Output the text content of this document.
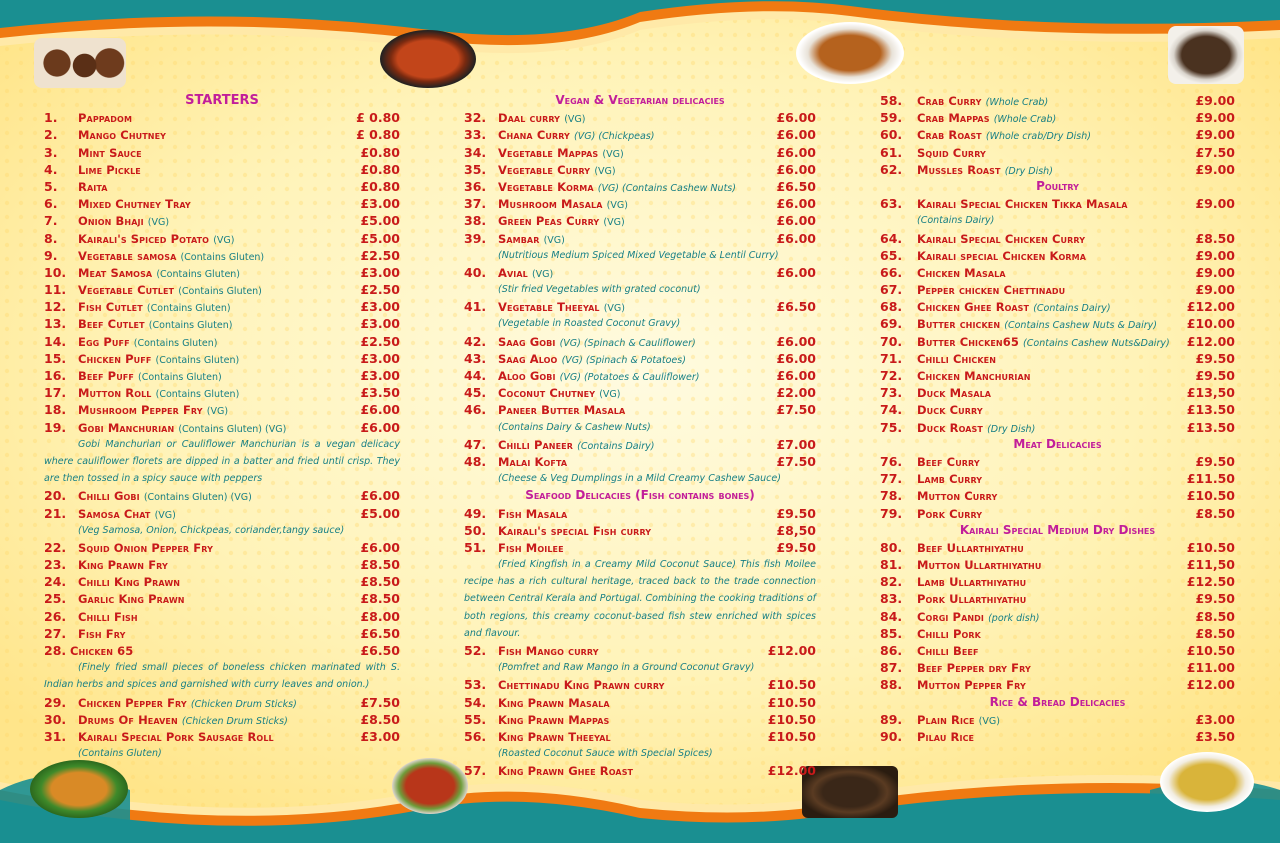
STARTERS
1.	Pappadom	£ 0.80
2.	Mango Chutney	£ 0.80
3.	Mint Sauce	£0.80
4.	Lime Pickle	£0.80
5.	Raita	£0.80
6.	Mixed Chutney Tray	£3.00
7.	Onion Bhaji (VG)	£5.00
8.	Kairali's Spiced Potato (VG)	£5.00
9.	Vegetable samosa (Contains Gluten)	£2.50
10.	Meat Samosa (Contains Gluten)	£3.00
11.	Vegetable Cutlet (Contains Gluten)	£2.50
12.	Fish Cutlet (Contains Gluten)	£3.00
13.	Beef Cutlet (Contains Gluten)	£3.00
14.	Egg Puff (Contains Gluten)	£2.50
15.	Chicken Puff (Contains Gluten)	£3.00
16.	Beef Puff (Contains Gluten)	£3.00
17.	Mutton Roll (Contains Gluten)	£3.50
18.	Mushroom Pepper Fry (VG)	£6.00
19.	Gobi Manchurian (Contains Gluten) (VG)	£6.00
Gobi Manchurian or Cauliflower Manchurian is a vegan delicacy where cauliflower florets are dipped in a batter and fried until crisp. They are then tossed in a spicy sauce with peppers
20.	Chilli Gobi (Contains Gluten) (VG)	£6.00
21.	Samosa Chat (VG)	£5.00
(Veg Samosa, Onion, Chickpeas, coriander,tangy sauce)
22.	Squid Onion Pepper Fry	£6.00
23.	King Prawn Fry	£8.50
24.	Chilli King Prawn	£8.50
25.	Garlic King Prawn	£8.50
26.	Chilli Fish	£8.00
27.	Fish Fry	£6.50
28. Chicken 65	£6.50
(Finely fried small pieces of boneless chicken marinated with S. Indian herbs and spices and garnished with curry leaves and onion.)
29.	Chicken Pepper Fry (Chicken Drum Sticks)	£7.50
30.	Drums Of Heaven (Chicken Drum Sticks)	£8.50
31.	Kairali Special Pork Sausage Roll	£3.00
(Contains Gluten)
Vegan & Vegetarian delicacies
32.	Daal curry (VG)	£6.00
33.	Chana Curry (VG) (Chickpeas)	£6.00
34.	Vegetable Mappas (VG)	£6.00
35.	Vegetable Curry (VG)	£6.00
36.	Vegetable Korma (VG) (Contains Cashew Nuts)	£6.50
37.	Mushroom Masala (VG)	£6.00
38.	Green Peas Curry (VG)	£6.00
39.	Sambar (VG)	£6.00
(Nutritious Medium Spiced Mixed Vegetable & Lentil Curry)
40.	Avial (VG)	£6.00
(Stir fried Vegetables with grated coconut)
41.	Vegetable Theeyal (VG)	£6.50
(Vegetable in Roasted Coconut Gravy)
42.	Saag Gobi (VG) (Spinach & Cauliflower)	£6.00
43.	Saag Aloo (VG) (Spinach & Potatoes)	£6.00
44.	Aloo Gobi (VG) (Potatoes & Cauliflower)	£6.00
45.	Coconut Chutney (VG)	£2.00
46.	Paneer Butter Masala	£7.50
(Contains Dairy & Cashew Nuts)
47.	Chilli Paneer (Contains Dairy)	£7.00
48.	Malai Kofta	£7.50
(Cheese & Veg Dumplings in a Mild Creamy Cashew Sauce)
Seafood Delicacies (Fish contains bones)
49.	Fish Masala	£9.50
50.	Kairali's special Fish curry	£8,50
51.	Fish Moilee	£9.50
(Fried Kingfish in a Creamy Mild Coconut Sauce) This fish Moilee recipe has a rich cultural heritage, traced back to the trade connection between Central Kerala and Portugal. Combining the cooking traditions of both regions, this creamy coconut-based fish stew enriched with spices and flavour.
52.	Fish Mango curry	£12.00
(Pomfret and Raw Mango in a Ground Coconut Gravy)
53.	Chettinadu King Prawn curry	£10.50
54.	King Prawn Masala	£10.50
55.	King Prawn Mappas	£10.50
56.	King Prawn Theeyal	£10.50
(Roasted Coconut Sauce with Special Spices)
57.	King Prawn Ghee Roast	£12.00
58.	Crab Curry (Whole Crab)	£9.00
59.	Crab Mappas (Whole Crab)	£9.00
60.	Crab Roast (Whole crab/Dry Dish)	£9.00
61.	Squid Curry	£7.50
62.	Mussles Roast (Dry Dish)	£9.00
Poultry
63.	Kairali Special Chicken Tikka Masala	£9.00
(Contains Dairy)
64.	Kairali Special Chicken Curry	£8.50
65.	Kairali special Chicken Korma	£9.00
66.	Chicken Masala	£9.00
67.	Pepper chicken Chettinadu	£9.00
68.	Chicken Ghee Roast (Contains Dairy)	£12.00
69.	Butter chicken (Contains Cashew Nuts & Dairy)	£10.00
70.	Butter Chicken65 (Contains Cashew Nuts&Dairy)	£12.00
71.	Chilli Chicken	£9.50
72.	Chicken Manchurian	£9.50
73.	Duck Masala	£13,50
74.	Duck Curry	£13.50
75.	Duck Roast (Dry Dish)	£13.50
Meat Delicacies
76.	Beef Curry	£9.50
77.	Lamb Curry	£11.50
78.	Mutton Curry	£10.50
79.	Pork Curry	£8.50
Kairali Special Medium Dry Dishes
80.	Beef Ullarthiyathu	£10.50
81.	Mutton Ullarthiyathu	£11,50
82.	Lamb Ullarthiyathu	£12.50
83.	Pork Ullarthiyathu	£9.50
84.	Corgi Pandi (pork dish)	£8.50
85.	Chilli Pork	£8.50
86.	Chilli Beef	£10.50
87.	Beef Pepper dry Fry	£11.00
88.	Mutton Pepper Fry	£12.00
Rice & Bread Delicacies
89.	Plain Rice (VG)	£3.00
90.	Pilau Rice	£3.50
